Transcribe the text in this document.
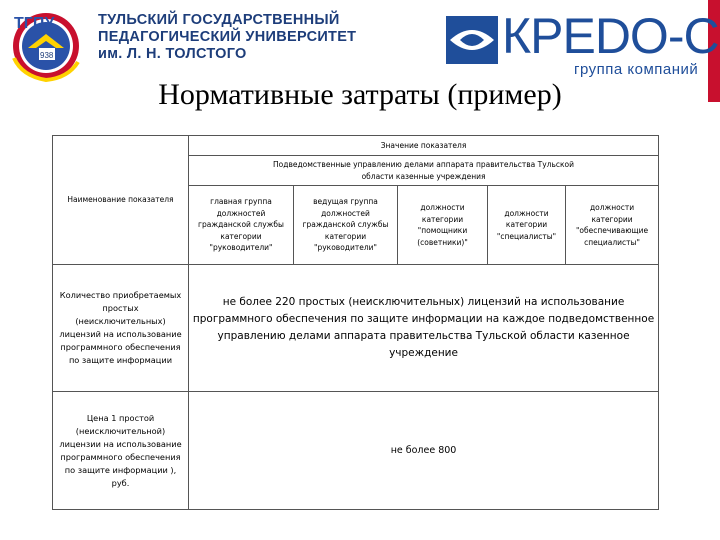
ТГПУ
938
ТУЛЬСКИЙ ГОСУДАРСТВЕННЫЙ
ПЕДАГОГИЧЕСКИЙ УНИВЕРСИТЕТ
им. Л. Н. ТОЛСТОГО	КРЕDO-С
группа компаний
Нормативные затраты (пример)
Наименование показателя	Значение показателя				
	Подведомственные управлению делами аппарата правительства Тульской области казенные учреждения				
	главная группа должностей гражданской службы категории "руководители"	ведущая группа должностей гражданской службы категории "руководители"	должности категории "помощники (советники)"	должности категории "специалисты"	должности категории "обеспечивающие специалисты"
Количество приобретаемых простых (неисключительных) лицензий на использование программного обеспечения по защите информации	не более 220 простых (неисключительных) лицензий на использование программного обеспечения по защите информации на каждое подведомственное управлению делами аппарата правительства Тульской области казенное учреждение				
Цена 1 простой (неисключительной) лицензии на использование программного обеспечения по защите информации ), руб.	не более 800				
